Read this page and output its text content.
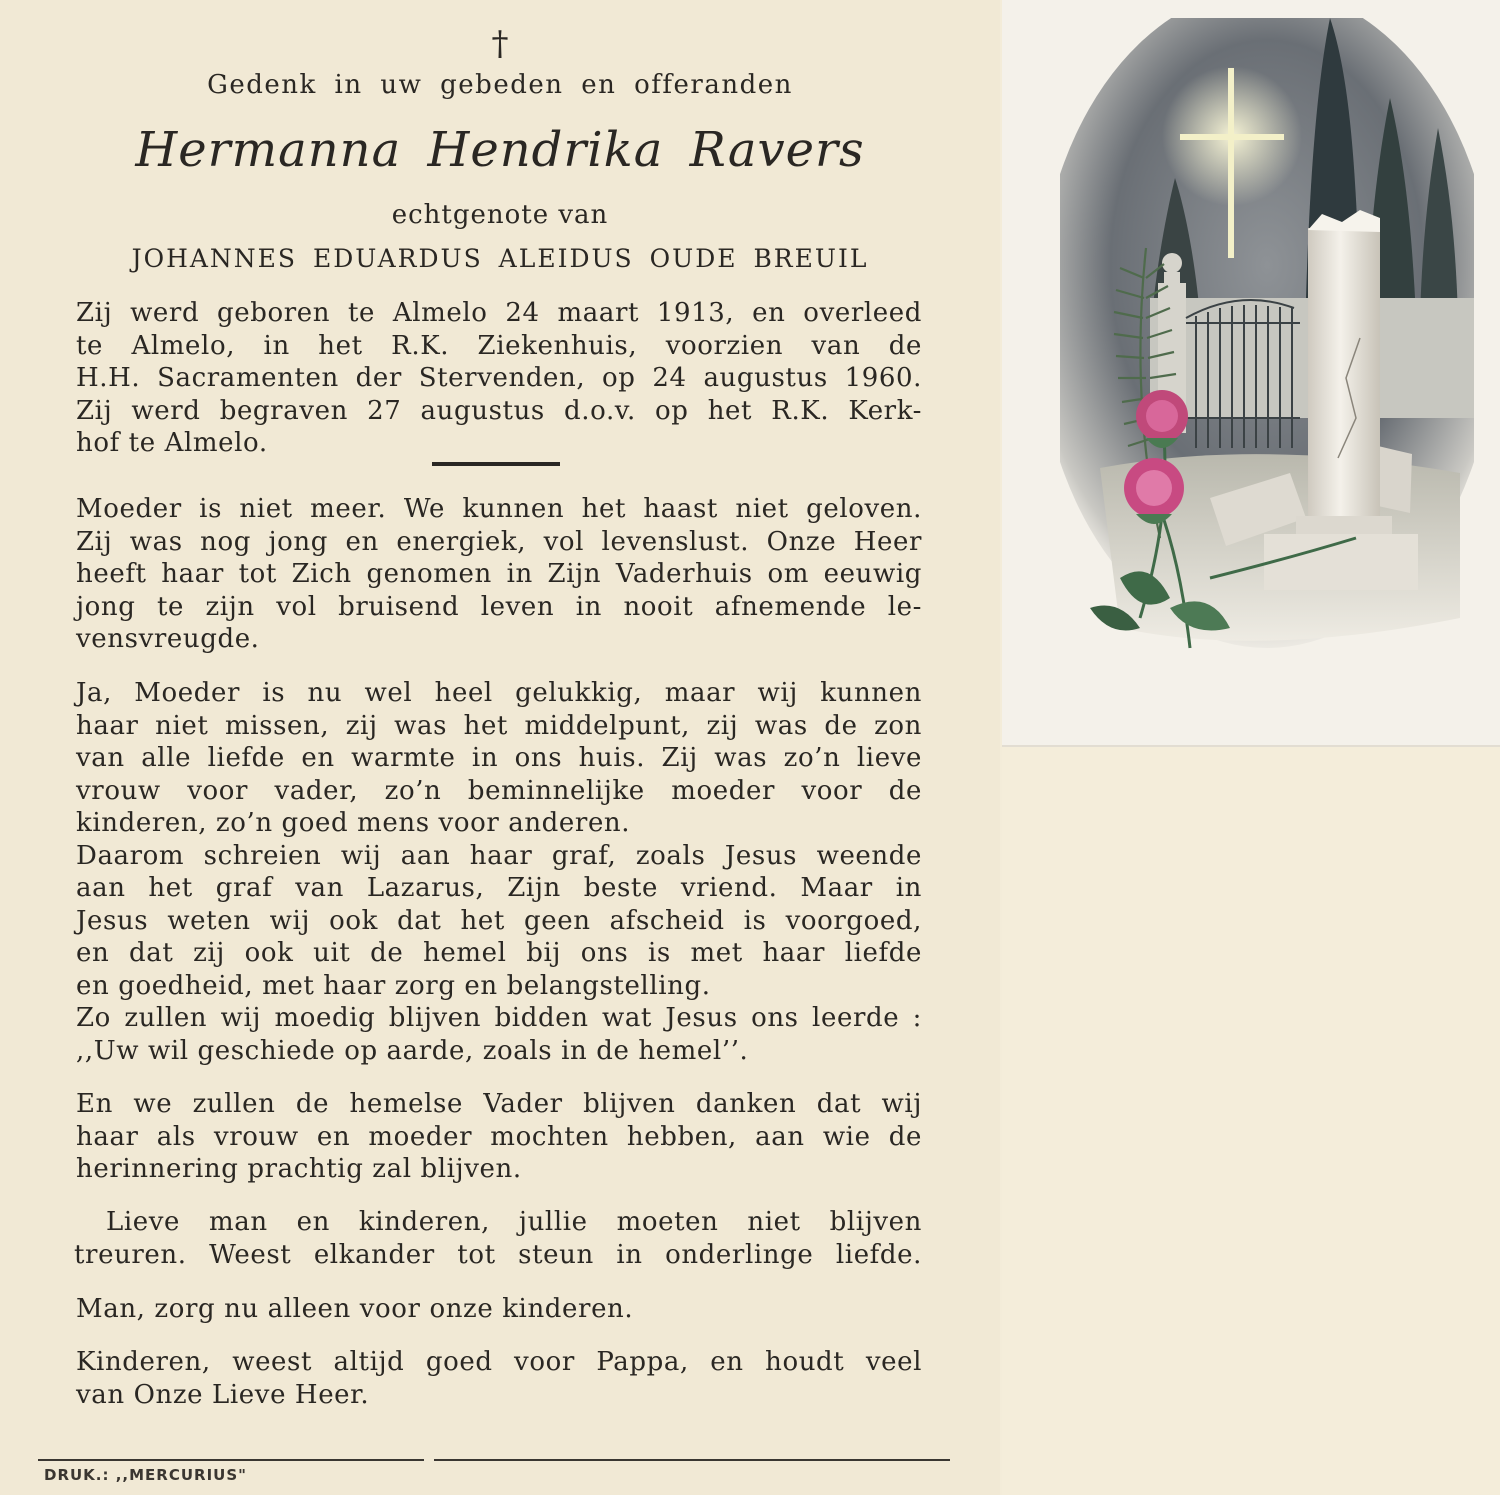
†
Gedenk in uw gebeden en offeranden
Hermanna Hendrika Ravers
echtgenote van
JOHANNES EDUARDUS ALEIDUS OUDE BREUIL
Zij werd geboren te Almelo 24 maart 1913, en overleed
te Almelo, in het R.K. Ziekenhuis, voorzien van de
H.H. Sacramenten der Stervenden, op 24 augustus 1960.
Zij werd begraven 27 augustus d.o.v. op het R.K. Kerk-
hof te Almelo.
Moeder is niet meer. We kunnen het haast niet geloven.
Zij was nog jong en energiek, vol levenslust. Onze Heer
heeft haar tot Zich genomen in Zijn Vaderhuis om eeuwig
jong te zijn vol bruisend leven in nooit afnemende le-
vensvreugde.
Ja, Moeder is nu wel heel gelukkig, maar wij kunnen
haar niet missen, zij was het middelpunt, zij was de zon
van alle liefde en warmte in ons huis. Zij was zo’n lieve
vrouw voor vader, zo’n beminnelijke moeder voor de
kinderen, zo’n goed mens voor anderen.
Daarom schreien wij aan haar graf, zoals Jesus weende
aan het graf van Lazarus, Zijn beste vriend. Maar in
Jesus weten wij ook dat het geen afscheid is voorgoed,
en dat zij ook uit de hemel bij ons is met haar liefde
en goedheid, met haar zorg en belangstelling.
Zo zullen wij moedig blijven bidden wat Jesus ons leerde :
,,Uw wil geschiede op aarde, zoals in de hemel’’.
En we zullen de hemelse Vader blijven danken dat wij
haar als vrouw en moeder mochten hebben, aan wie de
herinnering prachtig zal blijven.
Lieve man en kinderen, jullie moeten niet blijven
treuren. Weest elkander tot steun in onderlinge liefde.
Man, zorg nu alleen voor onze kinderen.
Kinderen, weest altijd goed voor Pappa, en houdt veel
van Onze Lieve Heer.
DRUK.: ,,MERCURIUS"
